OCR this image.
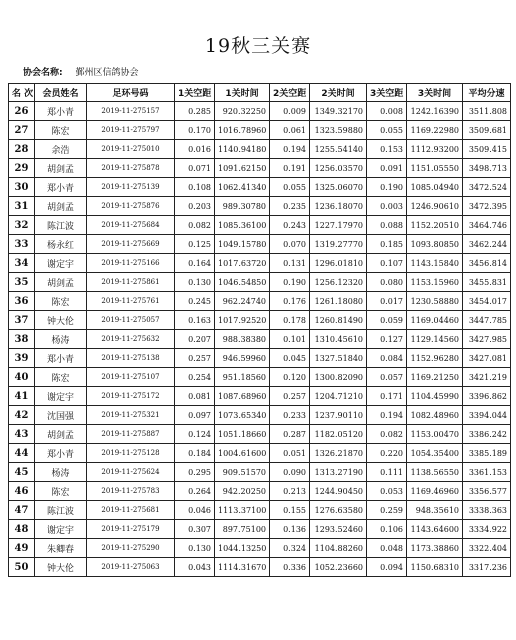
19秋三关赛
协会名称: 鄞州区信鸽协会
名 次	会员姓名	足环号码	1关空距	1关时间	2关空距	2关时间	3关空距	3关时间	平均分速
26	郑小青	2019-11-275157	0.285	920.32250	0.009	1349.32170	0.008	1242.16390	3511.808
27	陈宏	2019-11-275797	0.170	1016.78960	0.061	1323.59880	0.055	1169.22980	3509.681
28	余浩	2019-11-275010	0.016	1140.94180	0.194	1255.54140	0.153	1112.93200	3509.415
29	胡剑孟	2019-11-275878	0.071	1091.62150	0.191	1256.03570	0.091	1151.05550	3498.713
30	郑小青	2019-11-275139	0.108	1062.41340	0.055	1325.06070	0.190	1085.04940	3472.524
31	胡剑孟	2019-11-275876	0.203	989.30780	0.235	1236.18070	0.003	1246.90610	3472.395
32	陈江波	2019-11-275684	0.082	1085.36100	0.243	1227.17970	0.088	1152.20510	3464.746
33	杨永红	2019-11-275669	0.125	1049.15780	0.070	1319.27770	0.185	1093.80850	3462.244
34	谢定宇	2019-11-275166	0.164	1017.63720	0.131	1296.01810	0.107	1143.15840	3456.814
35	胡剑孟	2019-11-275861	0.130	1046.54850	0.190	1256.12320	0.080	1153.15960	3455.831
36	陈宏	2019-11-275761	0.245	962.24740	0.176	1261.18080	0.017	1230.58880	3454.017
37	钟大伦	2019-11-275057	0.163	1017.92520	0.178	1260.81490	0.059	1169.04460	3447.785
38	杨涛	2019-11-275632	0.207	988.38380	0.101	1310.45610	0.127	1129.14560	3427.985
39	郑小青	2019-11-275138	0.257	946.59960	0.045	1327.51840	0.084	1152.96280	3427.081
40	陈宏	2019-11-275107	0.254	951.18560	0.120	1300.82090	0.057	1169.21250	3421.219
41	谢定宇	2019-11-275172	0.081	1087.68960	0.257	1204.71210	0.171	1104.45990	3396.862
42	沈国强	2019-11-275321	0.097	1073.65340	0.233	1237.90110	0.194	1082.48960	3394.044
43	胡剑孟	2019-11-275887	0.124	1051.18660	0.287	1182.05120	0.082	1153.00470	3386.242
44	郑小青	2019-11-275128	0.184	1004.61600	0.051	1326.21870	0.220	1054.35400	3385.189
45	杨涛	2019-11-275624	0.295	909.51570	0.090	1313.27190	0.111	1138.56550	3361.153
46	陈宏	2019-11-275783	0.264	942.20250	0.213	1244.90450	0.053	1169.46960	3356.577
47	陈江波	2019-11-275681	0.046	1113.37100	0.155	1276.63580	0.259	948.35610	3338.363
48	谢定宇	2019-11-275179	0.307	897.75100	0.136	1293.52460	0.106	1143.64600	3334.922
49	朱卿春	2019-11-275290	0.130	1044.13250	0.324	1104.88260	0.048	1173.38860	3322.404
50	钟大伦	2019-11-275063	0.043	1114.31670	0.336	1052.23660	0.094	1150.68310	3317.236
